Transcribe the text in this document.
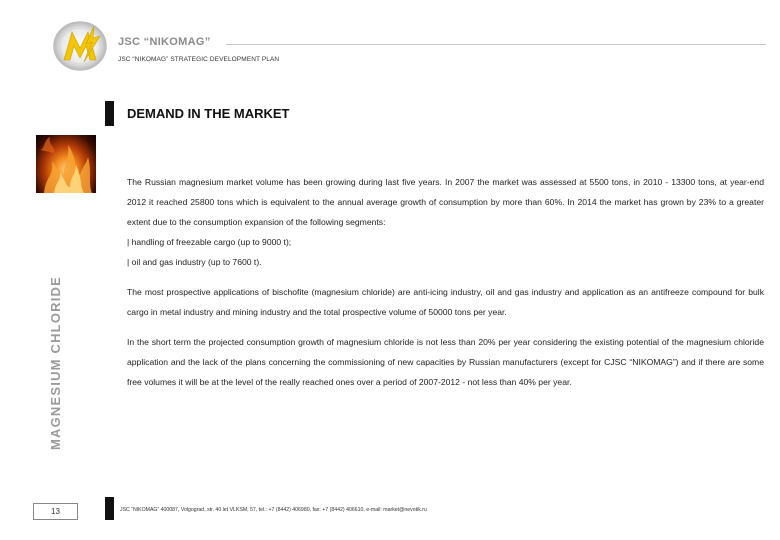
JSC “NIKOMAG”
JSC “NIKOMAG” STRATEGIC DEVELOPMENT PLAN
DEMAND IN THE MARKET
MAGNESIUM CHLORIDE

The Russian magnesium market volume has been growing during last five years. In 2007 the market was assessed at 5500 tons, in 2010 - 13300 tons, at year-end 2012 it reached 25800 tons which is equivalent to the annual average growth of consumption by more than 60%. In 2014 the market has grown by 23% to a greater extent due to the consumption expansion of the following segments:

| handling of freezable cargo (up to 9000 t);

| oil and gas industry (up to 7600 t).

The most prospective applications of bischofite (magnesium chloride) are anti-icing industry, oil and gas industry and application as an antifreeze compound for bulk cargo in metal industry and mining industry and the total prospective volume of 50000 tons per year.

In the short term the projected consumption growth of magnesium chloride is not less than 20% per year considering the existing potential of the magnesium chloride application and the lack of the plans concerning the commissioning of new capacities by Russian manufacturers (except for CJSC “NIKOMAG”) and if there are some free volumes it will be at the level of the really reached ones over a period of 2007-2012 - not less than 40% per year.

13	JSC “NIKOMAG” 400087, Volgograd, str. 40 let VLKSM, 57, tel.: +7 (8442) 406980, fax: +7 (8442) 406610, e-mail: market@nevotik.ru
